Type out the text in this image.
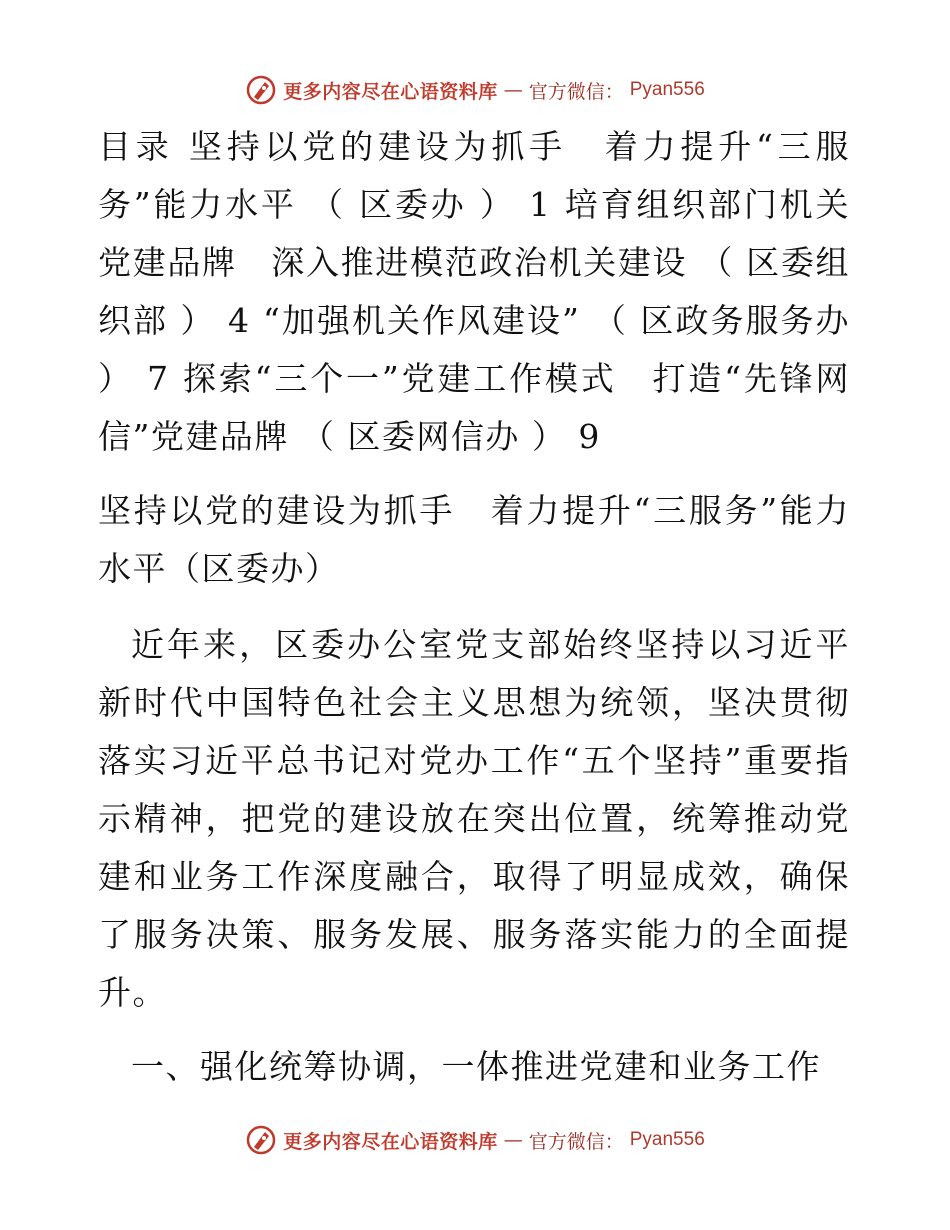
更多内容尽在心语资料库 — 官方微信： Pyan556

目录 坚持以党的建设为抓手　着力提升“三服务”能力水平 （ 区委办 ） 1 培育组织部门机关党建品牌　深入推进模范政治机关建设 （ 区委组织部 ） 4 “加强机关作风建设” （ 区政务服务办 ） 7 探索“三个一”党建工作模式　打造“先锋网信”党建品牌 （ 区委网信办 ） 9

坚持以党的建设为抓手　着力提升“三服务”能力水平（区委办）

近年来，区委办公室党支部始终坚持以习近平新时代中国特色社会主义思想为统领，坚决贯彻落实习近平总书记对党办工作“五个坚持”重要指示精神，把党的建设放在突出位置，统筹推动党建和业务工作深度融合，取得了明显成效，确保了服务决策、服务发展、服务落实能力的全面提升。

一、强化统筹协调，一体推进党建和业务工作

更多内容尽在心语资料库 — 官方微信： Pyan556
